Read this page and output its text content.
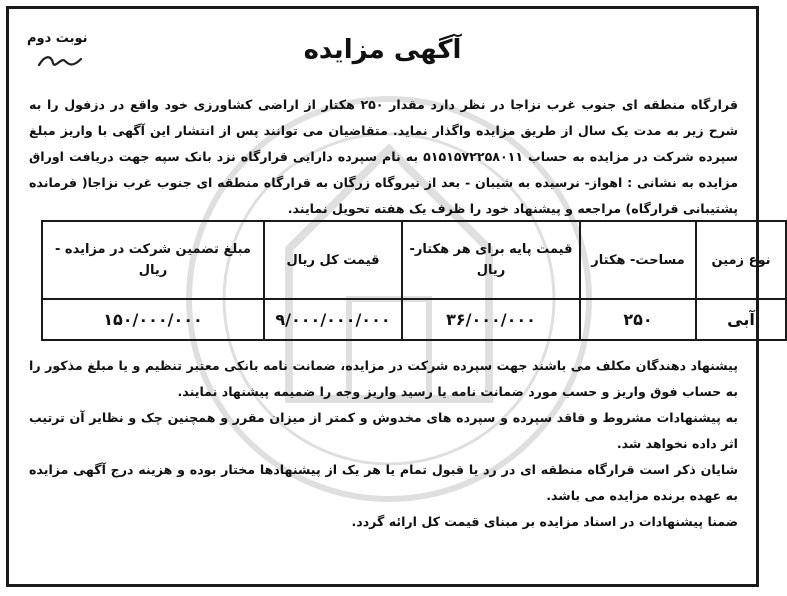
نوبت دوم	آگهی مزایده
قرارگاه منطقه ای جنوب غرب نزاجا در نظر دارد مقدار ۲۵۰ هکتار از اراضی کشاورزی خود واقع در دزفول را به شرح زیر به مدت یک سال از طریق مزایده واگذار نماید. متقاضیان می توانند پس از انتشار این آگهی با واریز مبلغ سپرده شرکت در مزایده به حساب ۵۱۵۱۵۷۲۲۵۸۰۱۱ به نام سپرده دارایی قرارگاه نزد بانک سپه جهت دریافت اوراق مزایده به نشانی : اهواز- نرسیده به شیبان - بعد از نیروگاه زرگان به قرارگاه منطقه ای جنوب غرب نزاجا( فرمانده پشتیبانی قرارگاه) مراجعه و پیشنهاد خود را ظرف یک هفته تحویل نمایند.
نوع زمین	مساحت- هکتار	قیمت پایه برای هر هکتار- ریال	قیمت کل ریال	مبلغ تضمین شرکت در مزایده - ریال
آبی	۲۵۰	۳۶/۰۰۰/۰۰۰	۹/۰۰۰/۰۰۰/۰۰۰	۱۵۰/۰۰۰/۰۰۰

پیشنهاد دهندگان مکلف می باشند جهت سپرده شرکت در مزایده، ضمانت نامه بانکی معتبر تنظیم و یا مبلغ مذکور را به حساب فوق واریز و حسب مورد ضمانت نامه یا رسید واریز وجه را ضمیمه پیشنهاد نمایند.

به پیشنهادات مشروط و فاقد سپرده و سپرده های مخدوش و کمتر از میزان مقرر و همچنین چک و نظایر آن ترتیب اثر داده نخواهد شد.

شایان ذکر است قرارگاه منطقه ای در رد یا قبول تمام یا هر یک از پیشنهادها مختار بوده و هزینه درج آگهی مزایده به عهده برنده مزایده می باشد.

ضمنا پیشنهادات در اسناد مزایده بر مبنای قیمت کل ارائه گردد.
